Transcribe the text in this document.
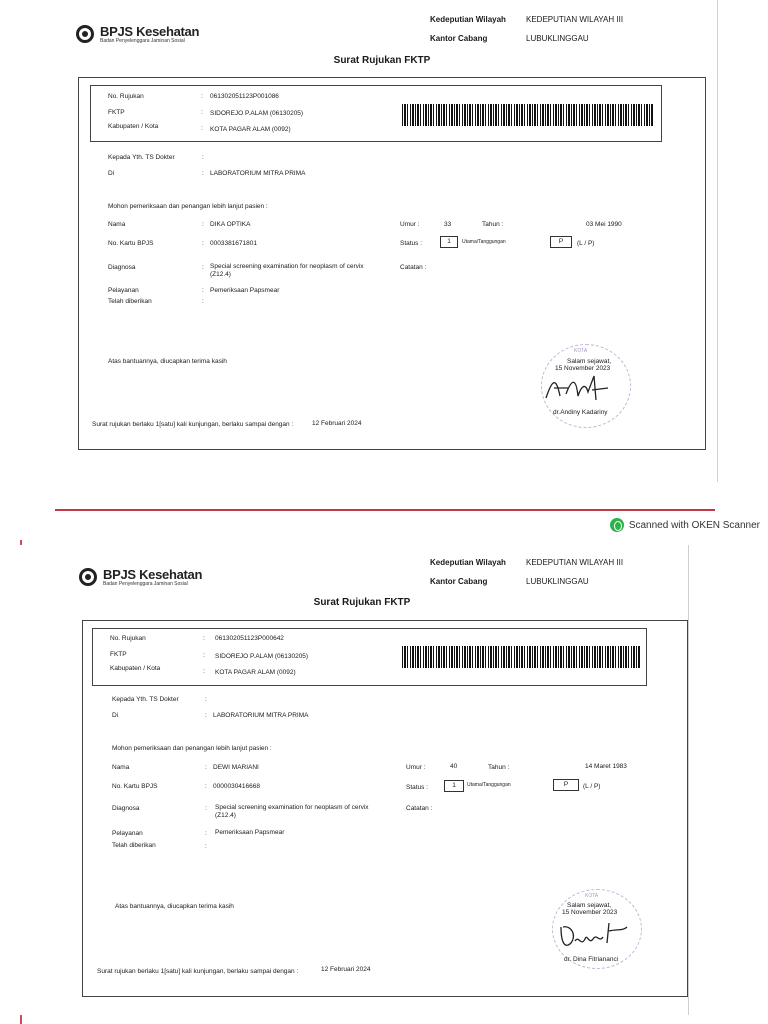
BPJS Kesehatan
Badan Penyelenggara Jaminan Sosial
Kedeputian Wilayah	KEDEPUTIAN WILAYAH III
Kantor Cabang	LUBUKLINGGAU
Surat Rujukan FKTP
No. Rujukan	: 061302051123P001086
FKTP	: SIDOREJO P.ALAM (06130205)
Kabupaten / Kota	: KOTA PAGAR ALAM (0092)
Kepada Yth. TS Dokter	:
Di	: LABORATORIUM MITRA PRIMA
Mohon pemeriksaan dan penangan lebih lanjut pasien :
Nama	: DIKA OPTIKA	Umur :	33	Tahun :	03 Mei 1990
No. Kartu BPJS	: 0003381671801	Status :	1	Utama/Tanggungan	P	(L / P)
Diagnosa	: Special screening examination for neoplasm of cervix (Z12.4)
Catatan :
Pelayanan	: Pemeriksaan Papsmear
Telah diberikan	:
Atas bantuannya, diucapkan terima kasih
KOTA
Salam sejawat,
15 November 2023
dr.Andiny Kadariny
Surat rujukan berlaku 1[satu] kali kunjungan, berlaku sampai dengan :	12 Februari 2024
Scanned with OKEN Scanner
BPJS Kesehatan
Badan Penyelenggara Jaminan Sosial
Kedeputian Wilayah	KEDEPUTIAN WILAYAH III
Kantor Cabang	LUBUKLINGGAU
Surat Rujukan FKTP
No. Rujukan	: 061302051123P000642
FKTP	: SIDOREJO P.ALAM (06130205)
Kabupaten / Kota	: KOTA PAGAR ALAM (0092)
Kepada Yth. TS Dokter	:
Di	: LABORATORIUM MITRA PRIMA
Mohon pemeriksaan dan penangan lebih lanjut pasien :
Nama	: DEWI MARIANI	Umur :	40	Tahun :	14 Maret 1983
No. Kartu BPJS	: 0000030416668	Status :	1	Utama/Tanggungan	P	(L / P)
Diagnosa	: Special screening examination for neoplasm of cervix (Z12.4)
Catatan :
Pelayanan	: Pemeriksaan Papsmear
Telah diberikan	:
Atas bantuannya, diucapkan terima kasih
KOTA
Salam sejawat,
15 November 2023
dr. Dina Fitriananci
Surat rujukan berlaku 1[satu] kali kunjungan, berlaku sampai dengan :	12 Februari 2024
